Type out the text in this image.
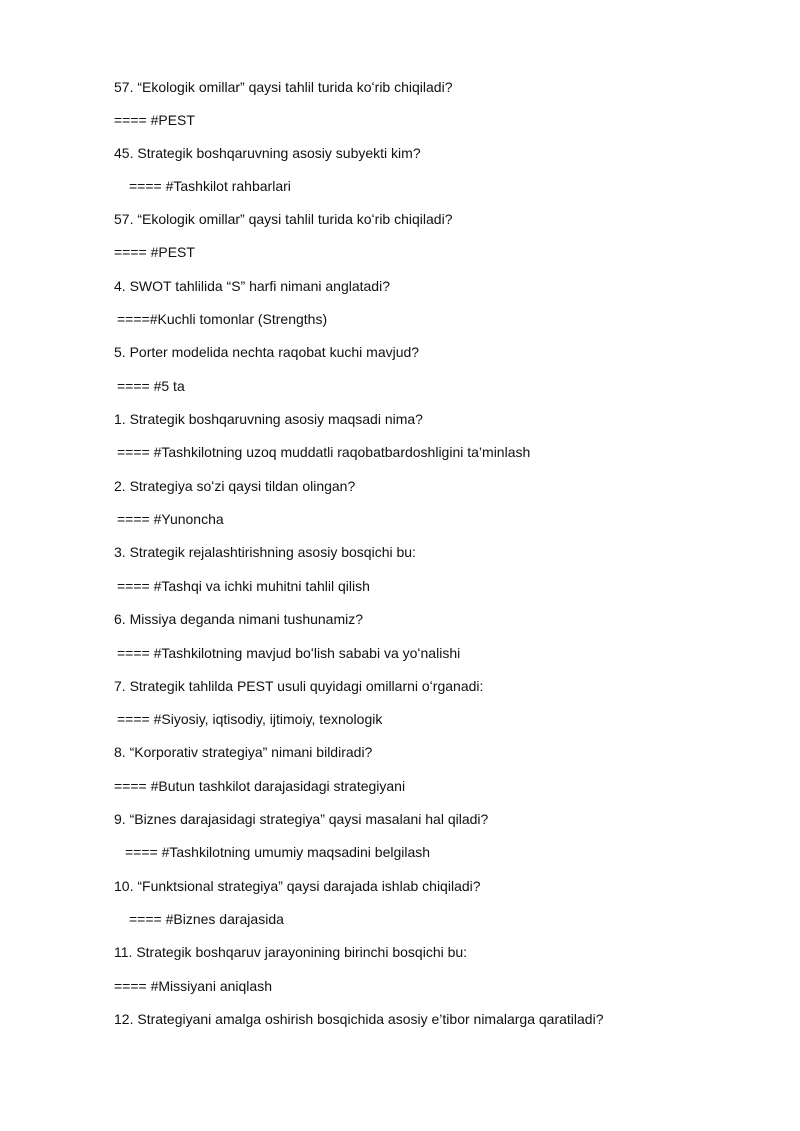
57. “Ekologik omillar” qaysi tahlil turida koʻrib chiqiladi?
==== #PEST
45. Strategik boshqaruvning asosiy subyekti kim?
==== #Tashkilot rahbarlari
57. “Ekologik omillar” qaysi tahlil turida koʻrib chiqiladi?
==== #PEST
4. SWOT tahlilida “S” harfi nimani anglatadi?
====#Kuchli tomonlar (Strengths)
5. Porter modelida nechta raqobat kuchi mavjud?
==== #5 ta
1. Strategik boshqaruvning asosiy maqsadi nima?
==== #Tashkilotning uzoq muddatli raqobatbardoshligini ta’minlash
2. Strategiya soʻzi qaysi tildan olingan?
==== #Yunoncha
3. Strategik rejalashtirishning asosiy bosqichi bu:
==== #Tashqi va ichki muhitni tahlil qilish
6. Missiya deganda nimani tushunamiz?
==== #Tashkilotning mavjud boʻlish sababi va yoʻnalishi
7. Strategik tahlilda PEST usuli quyidagi omillarni oʻrganadi:
==== #Siyosiy, iqtisodiy, ijtimoiy, texnologik
8. “Korporativ strategiya” nimani bildiradi?
==== #Butun tashkilot darajasidagi strategiyani
9. “Biznes darajasidagi strategiya” qaysi masalani hal qiladi?
==== #Tashkilotning umumiy maqsadini belgilash
10. “Funktsional strategiya” qaysi darajada ishlab chiqiladi?
==== #Biznes darajasida
11. Strategik boshqaruv jarayonining birinchi bosqichi bu:
==== #Missiyani aniqlash
12. Strategiyani amalga oshirish bosqichida asosiy e’tibor nimalarga qaratiladi?
